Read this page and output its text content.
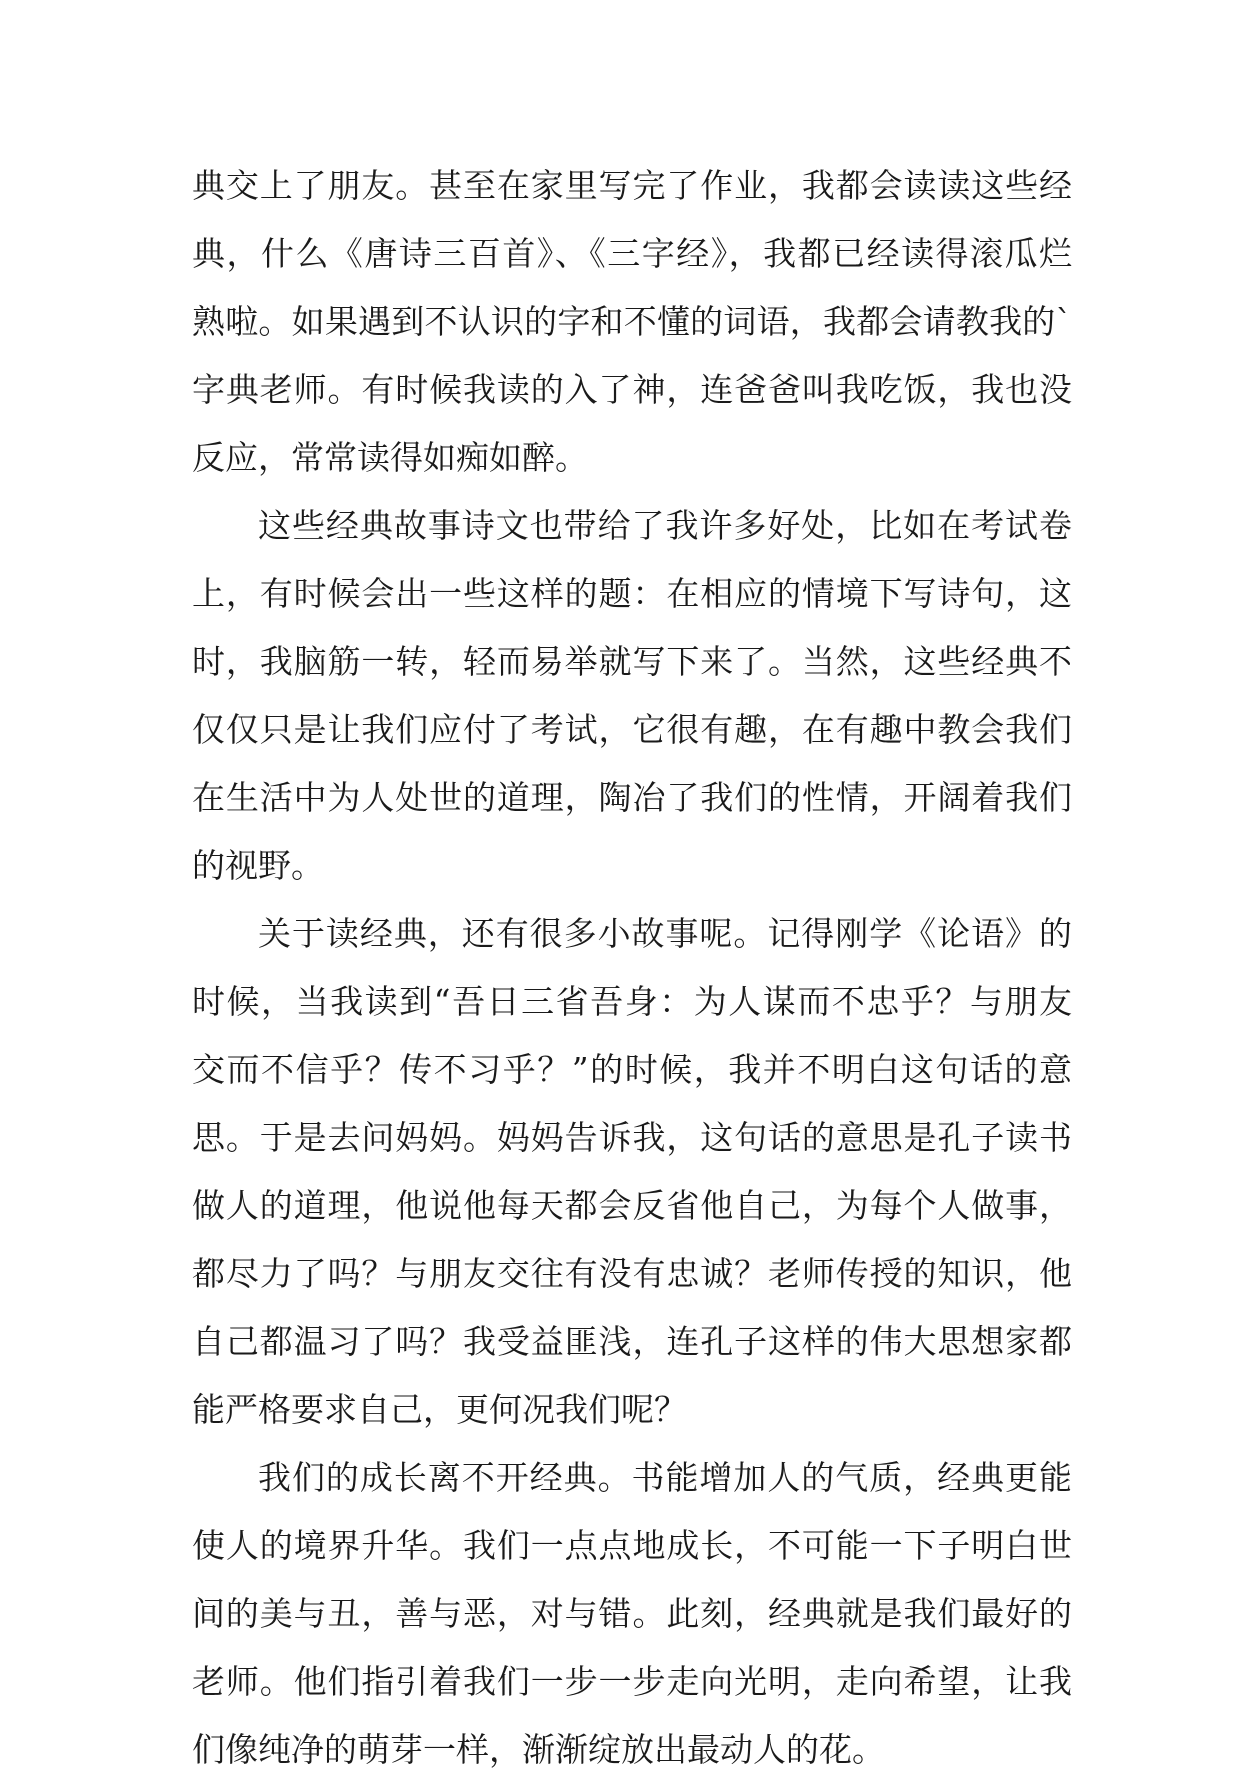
典交上了朋友。甚至在家里写完了作业，我都会读读这些经
典，什么《唐诗三百首》、《三字经》，我都已经读得滚瓜烂
熟啦。如果遇到不认识的字和不懂的词语，我都会请教我的`
字典老师。有时候我读的入了神，连爸爸叫我吃饭，我也没
反应，常常读得如痴如醉。
这些经典故事诗文也带给了我许多好处，比如在考试卷
上，有时候会出一些这样的题：在相应的情境下写诗句，这
时，我脑筋一转，轻而易举就写下来了。当然，这些经典不
仅仅只是让我们应付了考试，它很有趣，在有趣中教会我们
在生活中为人处世的道理，陶冶了我们的性情，开阔着我们
的视野。
关于读经典，还有很多小故事呢。记得刚学《论语》的
时候，当我读到“吾日三省吾身：为人谋而不忠乎？与朋友
交而不信乎？传不习乎？”的时候，我并不明白这句话的意
思。于是去问妈妈。妈妈告诉我，这句话的意思是孔子读书
做人的道理，他说他每天都会反省他自己，为每个人做事，
都尽力了吗？与朋友交往有没有忠诚？老师传授的知识，他
自己都温习了吗？我受益匪浅，连孔子这样的伟大思想家都
能严格要求自己，更何况我们呢？
我们的成长离不开经典。书能增加人的气质，经典更能
使人的境界升华。我们一点点地成长，不可能一下子明白世
间的美与丑，善与恶，对与错。此刻，经典就是我们最好的
老师。他们指引着我们一步一步走向光明，走向希望，让我
们像纯净的萌芽一样，渐渐绽放出最动人的花。
